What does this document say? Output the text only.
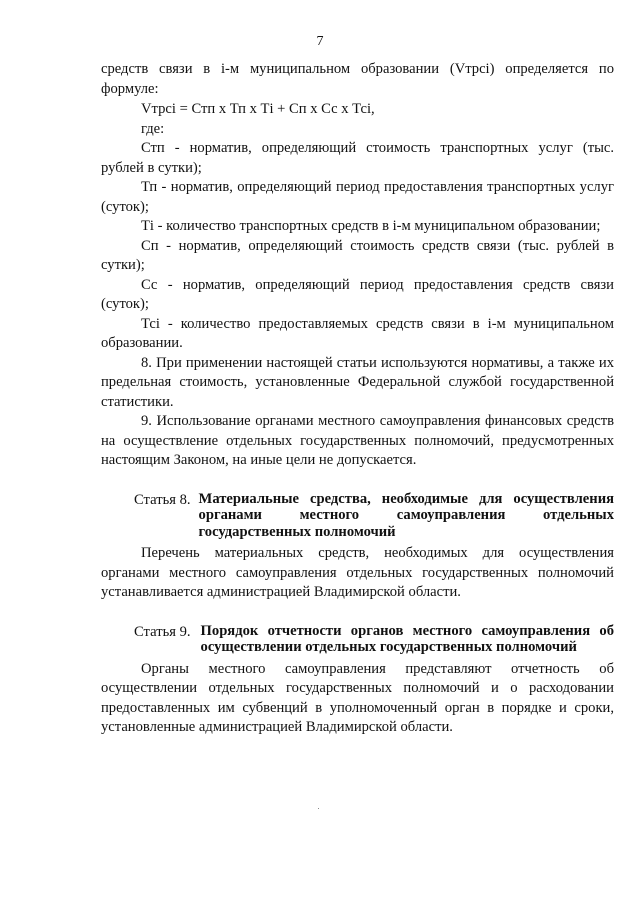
7

средств связи в i-м муниципальном образовании (Vтрсi) определяется по формуле:

Vтрсi = Стп х Тп х Тi + Сп х Сс х Тсi,

где:

Стп - норматив, определяющий стоимость транспортных услуг (тыс. рублей в сутки);

Тп - норматив, определяющий период предоставления транспортных услуг (суток);

Тi - количество транспортных средств в i-м муниципальном образовании;

Сп - норматив, определяющий стоимость средств связи (тыс. рублей в сутки);

Сс - норматив, определяющий период предоставления средств связи (суток);

Тсi - количество предоставляемых средств связи в i-м муниципальном образовании.

8. При применении настоящей статьи используются нормативы, а также их предельная стоимость, установленные Федеральной службой государственной статистики.

9. Использование органами местного самоуправления финансовых средств на осуществление отдельных государственных полномочий, предусмотренных настоящим Законом, на иные цели не допускается.

Статья 8. Материальные средства, необходимые для осуществления органами местного самоуправления отдельных государственных полномочий

Перечень материальных средств, необходимых для осуществления органами местного самоуправления отдельных государственных полномочий устанавливается администрацией Владимирской области.

Статья 9. Порядок отчетности органов местного самоуправления об осуществлении отдельных государственных полномочий

Органы местного самоуправления представляют отчетность об осуществлении отдельных государственных полномочий и о расходовании предоставленных им субвенций в уполномоченный орган в порядке и сроки, установленные администрацией Владимирской области.
